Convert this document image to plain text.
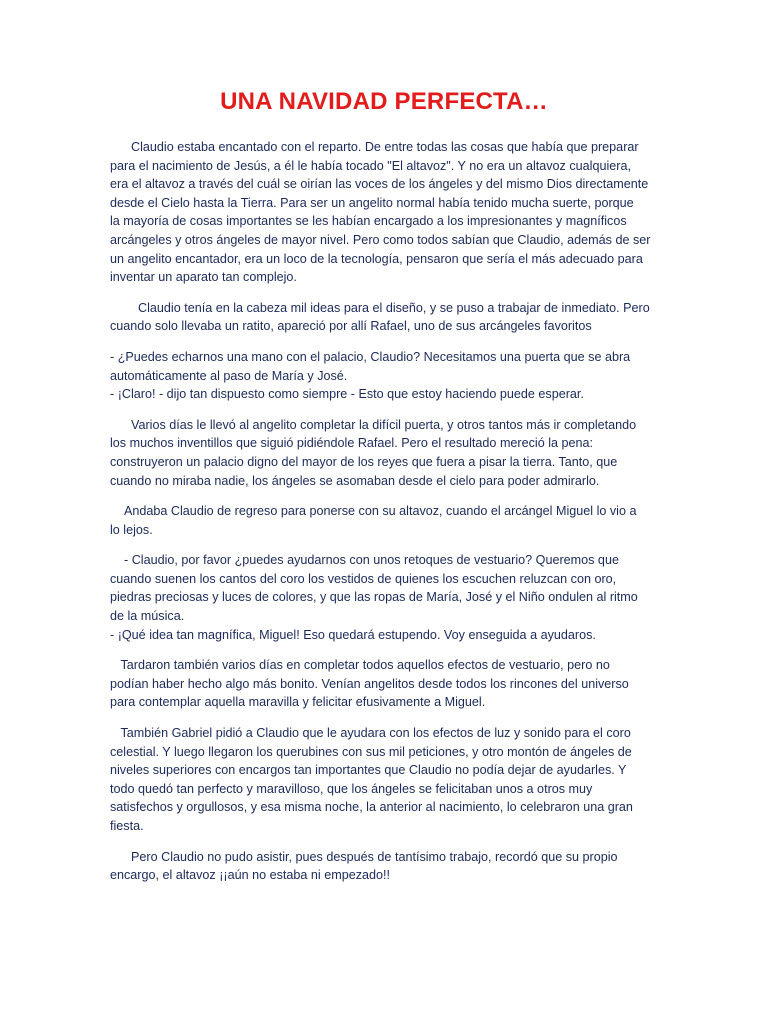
UNA NAVIDAD PERFECTA…

Claudio estaba encantado con el reparto. De entre todas las cosas que había que preparar
para el nacimiento de Jesús, a él le había tocado "El altavoz". Y no era un altavoz cualquiera,
era el altavoz a través del cuál se oirían las voces de los ángeles y del mismo Dios directamente
desde el Cielo hasta la Tierra. Para ser un angelito normal había tenido mucha suerte, porque
la mayoría de cosas importantes se les habían encargado a los impresionantes y magníficos
arcángeles y otros ángeles de mayor nivel. Pero como todos sabían que Claudio, además de ser
un angelito encantador, era un loco de la tecnología, pensaron que sería el más adecuado para
inventar un aparato tan complejo.

Claudio tenía en la cabeza mil ideas para el diseño, y se puso a trabajar de inmediato. Pero
cuando solo llevaba un ratito, apareció por allí Rafael, uno de sus arcángeles favoritos

- ¿Puedes echarnos una mano con el palacio, Claudio? Necesitamos una puerta que se abra
automáticamente al paso de María y José.
- ¡Claro! - dijo tan dispuesto como siempre - Esto que estoy haciendo puede esperar.

Varios días le llevó al angelito completar la difícil puerta, y otros tantos más ir completando
los muchos inventillos que siguió pidiéndole Rafael. Pero el resultado mereció la pena:
construyeron un palacio digno del mayor de los reyes que fuera a pisar la tierra. Tanto, que
cuando no miraba nadie, los ángeles se asomaban desde el cielo para poder admirarlo.

Andaba Claudio de regreso para ponerse con su altavoz, cuando el arcángel Miguel lo vio a
lo lejos.

- Claudio, por favor ¿puedes ayudarnos con unos retoques de vestuario? Queremos que
cuando suenen los cantos del coro los vestidos de quienes los escuchen reluzcan con oro,
piedras preciosas y luces de colores, y que las ropas de María, José y el Niño ondulen al ritmo
de la música.
- ¡Qué idea tan magnífica, Miguel! Eso quedará estupendo. Voy enseguida a ayudaros.

Tardaron también varios días en completar todos aquellos efectos de vestuario, pero no
podían haber hecho algo más bonito. Venían angelitos desde todos los rincones del universo
para contemplar aquella maravilla y felicitar efusivamente a Miguel.

También Gabriel pidió a Claudio que le ayudara con los efectos de luz y sonido para el coro
celestial. Y luego llegaron los querubines con sus mil peticiones, y otro montón de ángeles de
niveles superiores con encargos tan importantes que Claudio no podía dejar de ayudarles. Y
todo quedó tan perfecto y maravilloso, que los ángeles se felicitaban unos a otros muy
satisfechos y orgullosos, y esa misma noche, la anterior al nacimiento, lo celebraron una gran
fiesta.

Pero Claudio no pudo asistir, pues después de tantísimo trabajo, recordó que su propio
encargo, el altavoz ¡¡aún no estaba ni empezado!!
